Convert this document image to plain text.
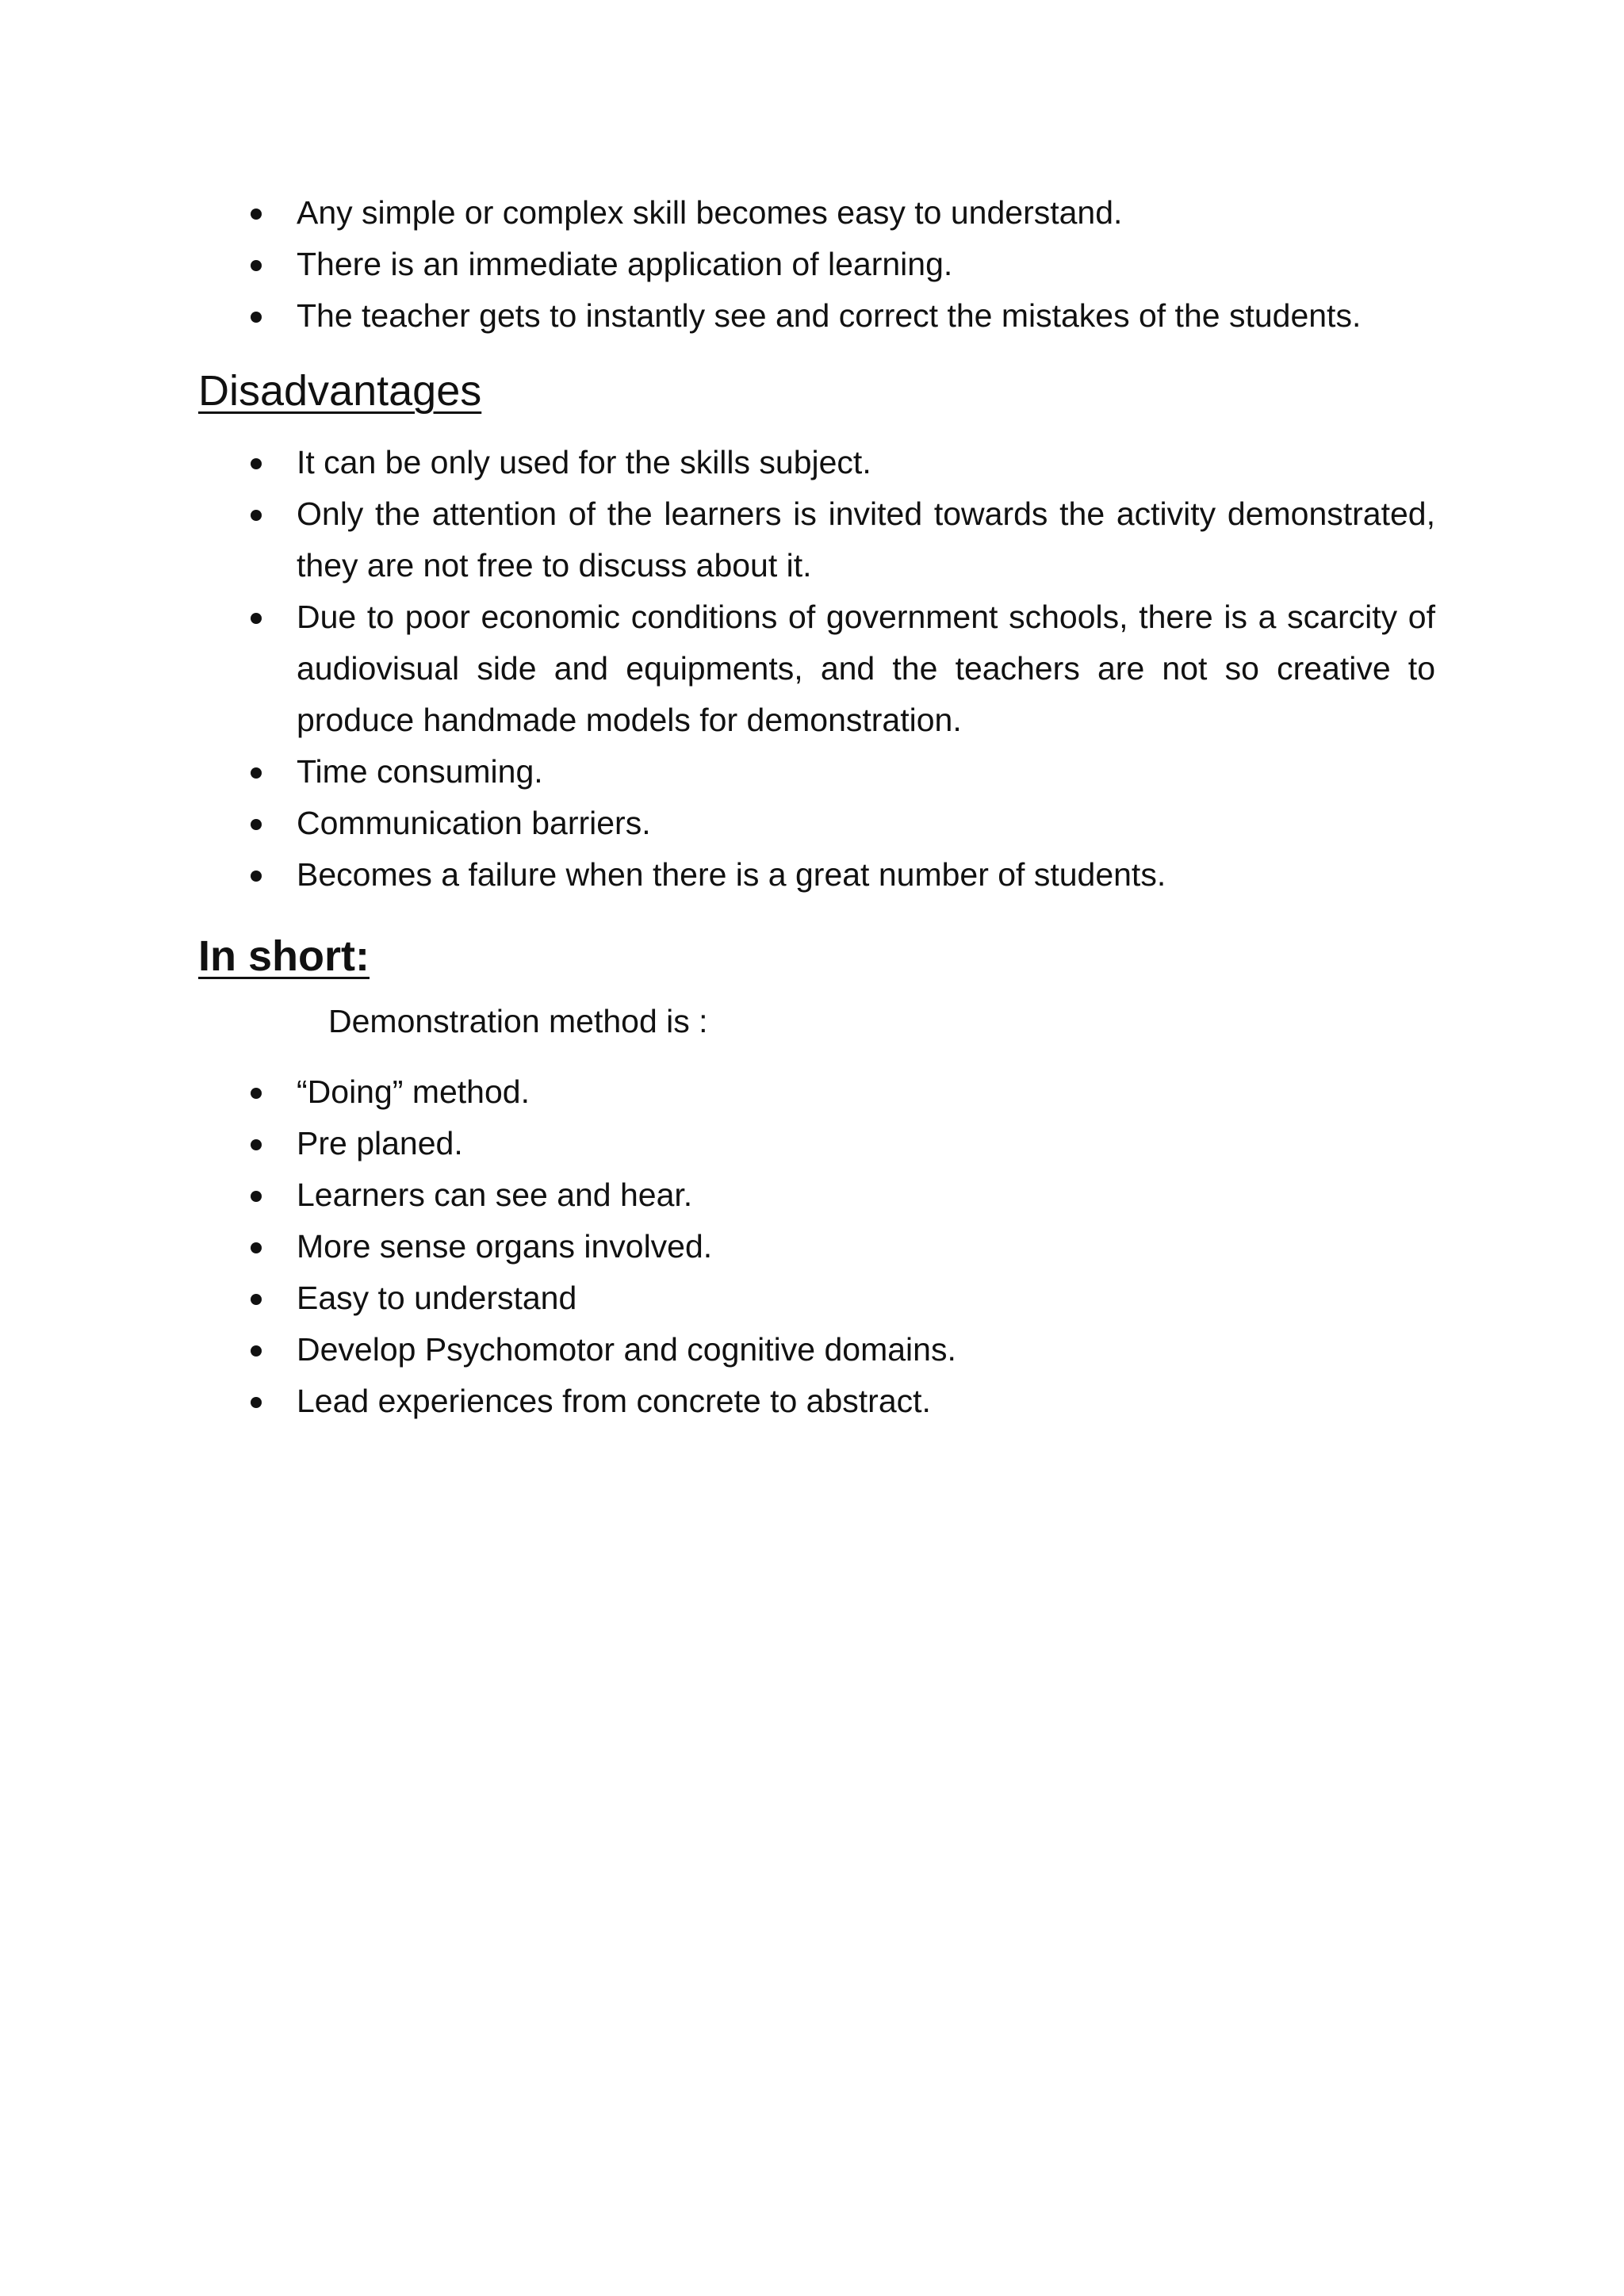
Any simple or complex skill becomes easy to understand.
There is an immediate application of learning.
The teacher gets to instantly see and correct the mistakes of the students.
Disadvantages
It can be only used for the skills subject.
Only the attention of the learners is invited towards the activity demonstrated, they are not free to discuss about it.
Due to poor economic conditions of government schools, there is a scarcity of audiovisual side and equipments, and the teachers are not so creative to produce handmade models for demonstration.
Time consuming.
Communication barriers.
Becomes a failure when there is a great number of students.
In short:
Demonstration method is :
“Doing” method.
Pre planed.
Learners can see and hear.
More sense organs involved.
Easy to understand
Develop Psychomotor and cognitive domains.
Lead experiences from concrete to abstract.
